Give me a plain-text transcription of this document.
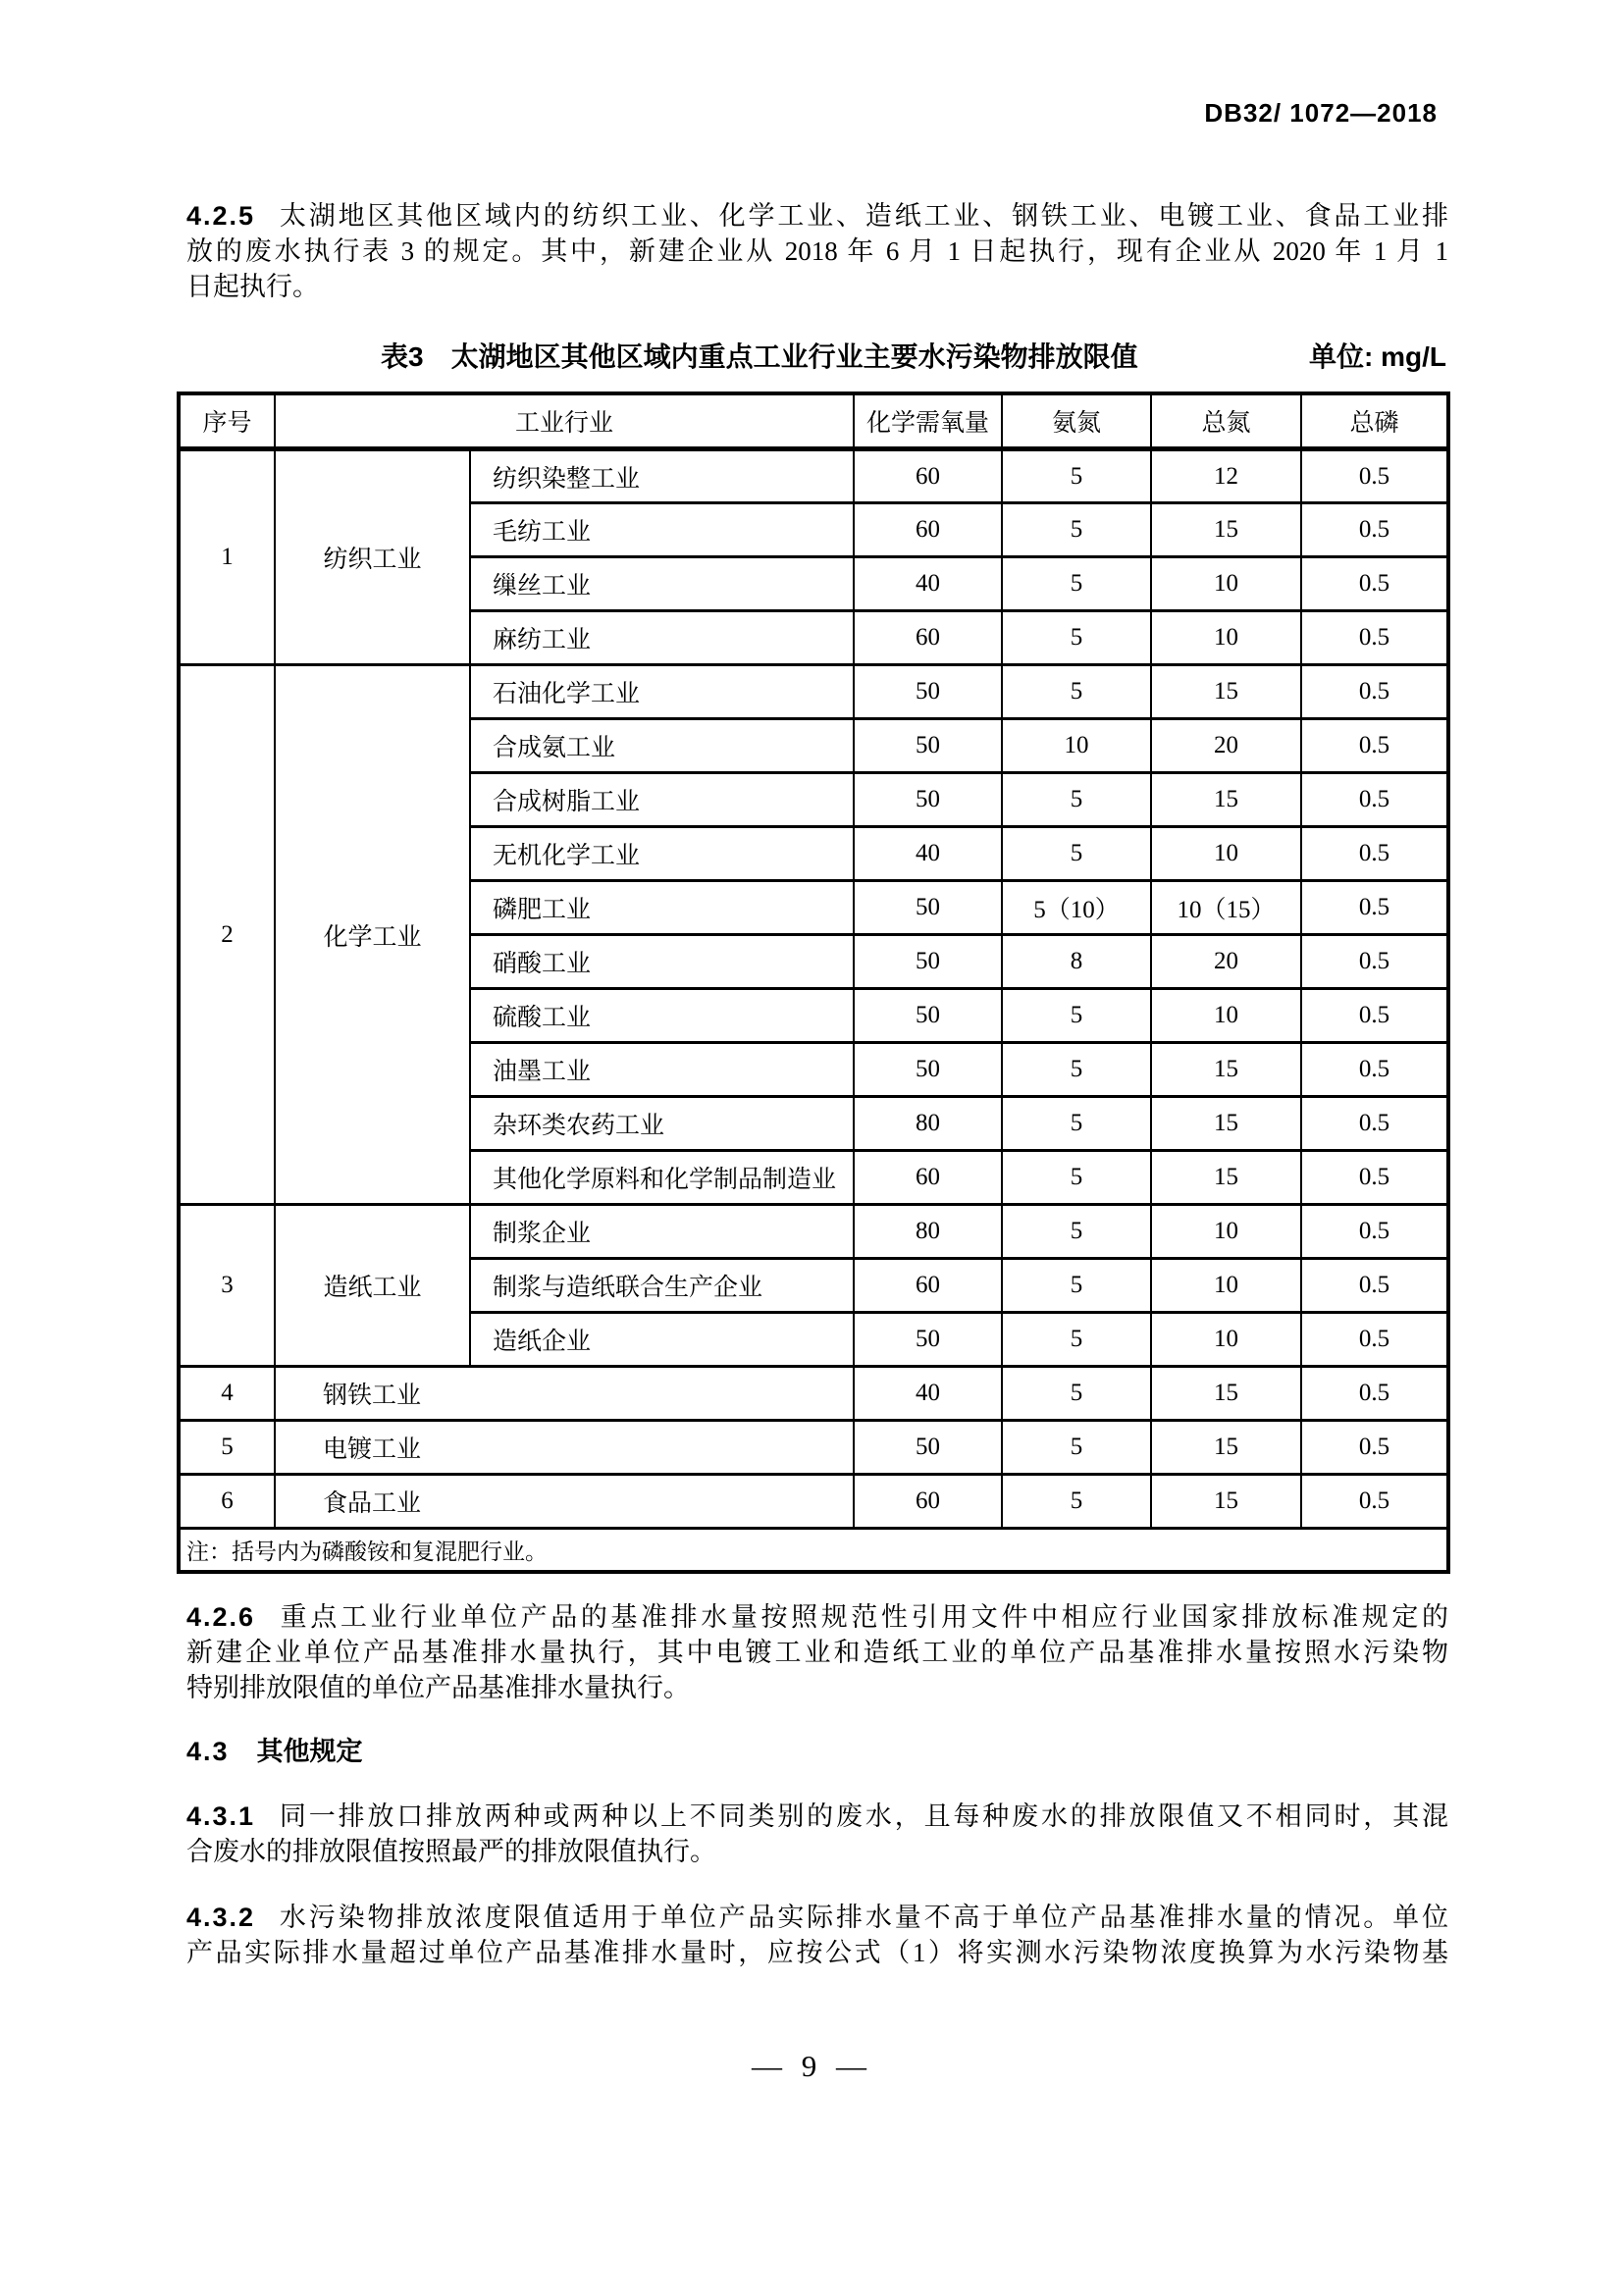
DB32/ 1072—2018
4.2.5 太湖地区其他区域内的纺织工业、化学工业、造纸工业、钢铁工业、电镀工业、食品工业排
放的废水执行表 3 的规定。其中，新建企业从 2018 年 6 月 1 日起执行，现有企业从 2020 年 1 月 1
日起执行。
表3　太湖地区其他区域内重点工业行业主要水污染物排放限值	单位: mg/L
序号	工业行业		化学需氧量	氨氮	总氮	总磷
1	纺织工业	纺织染整工业	60	5	12	0.5
		毛纺工业	60	5	15	0.5
		缫丝工业	40	5	10	0.5
		麻纺工业	60	5	10	0.5
2	化学工业	石油化学工业	50	5	15	0.5
		合成氨工业	50	10	20	0.5
		合成树脂工业	50	5	15	0.5
		无机化学工业	40	5	10	0.5
		磷肥工业	50	5（10）	10（15）	0.5
		硝酸工业	50	8	20	0.5
		硫酸工业	50	5	10	0.5
		油墨工业	50	5	15	0.5
		杂环类农药工业	80	5	15	0.5
		其他化学原料和化学制品制造业	60	5	15	0.5
3	造纸工业	制浆企业	80	5	10	0.5
		制浆与造纸联合生产企业	60	5	10	0.5
		造纸企业	50	5	10	0.5
4	钢铁工业		40	5	15	0.5
5	电镀工业		50	5	15	0.5
6	食品工业		60	5	15	0.5
注：括号内为磷酸铵和复混肥行业。						
4.2.6 重点工业行业单位产品的基准排水量按照规范性引用文件中相应行业国家排放标准规定的
新建企业单位产品基准排水量执行，其中电镀工业和造纸工业的单位产品基准排水量按照水污染物
特别排放限值的单位产品基准排水量执行。
4.3 其他规定
4.3.1 同一排放口排放两种或两种以上不同类别的废水，且每种废水的排放限值又不相同时，其混
合废水的排放限值按照最严的排放限值执行。
4.3.2 水污染物排放浓度限值适用于单位产品实际排水量不高于单位产品基准排水量的情况。单位
产品实际排水量超过单位产品基准排水量时，应按公式（1）将实测水污染物浓度换算为水污染物基
— 9 —
